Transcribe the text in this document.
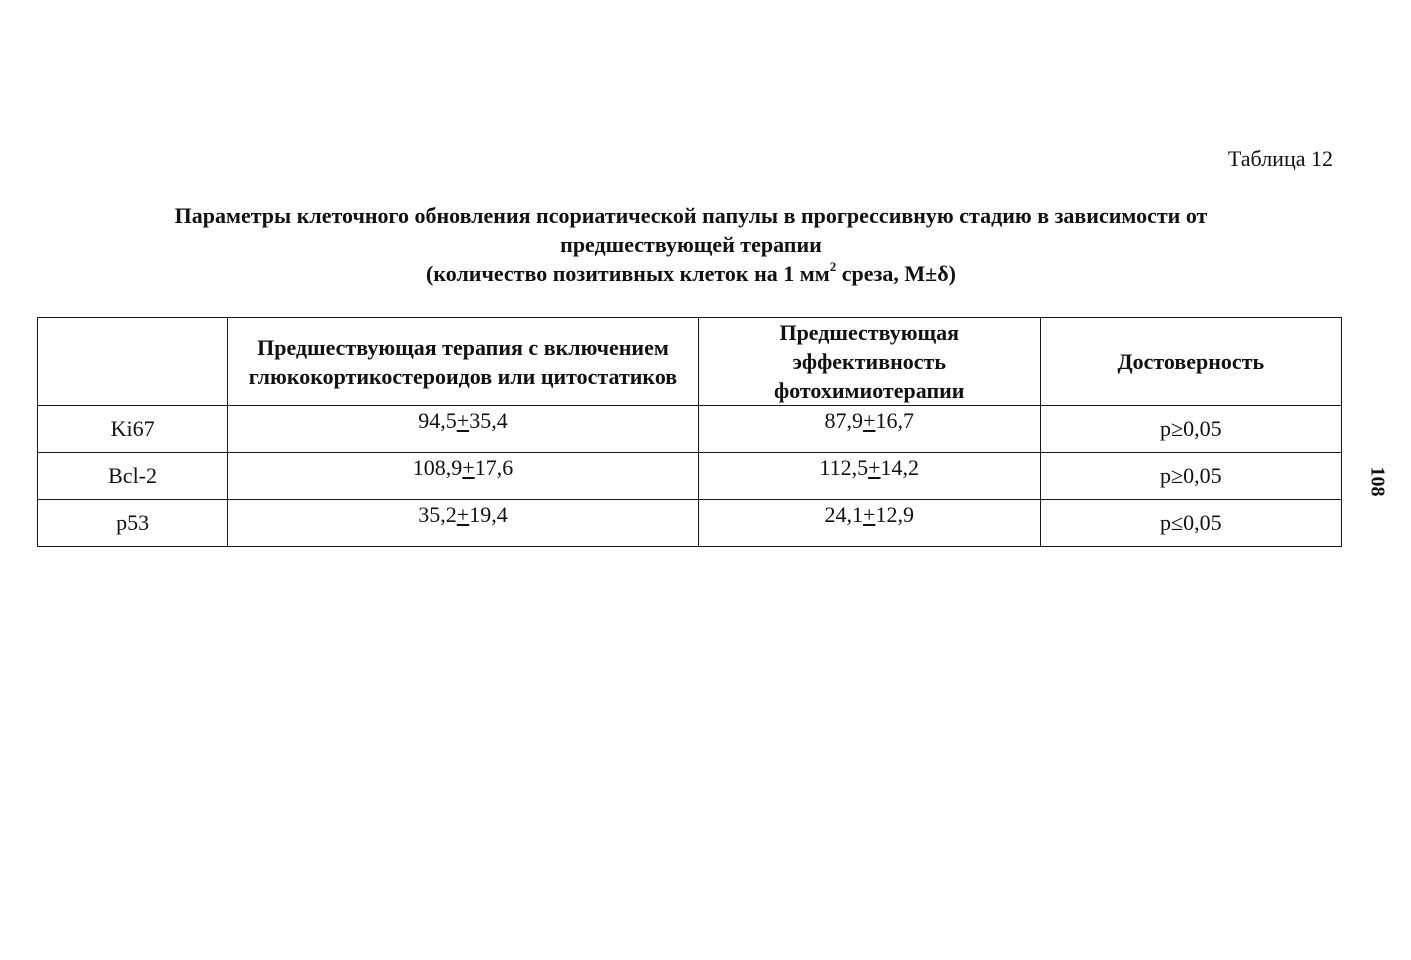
Таблица 12
Параметры клеточного обновления псориатической папулы в прогрессивную стадию в зависимости от
предшествующей терапии
(количество позитивных клеток на 1 $мм^2$ среза, M±δ)
	Предшествующая терапия с включением глюкокортикостероидов или цитостатиков	Предшествующая эффективность фотохимиотерапии	Достоверность
Ki67	94,5+35,4	87,9+16,7	p≥0,05
Bcl-2	108,9+17,6	112,5+14,2	p≥0,05
p53	35,2+19,4	24,1+12,9	p≤0,05
108
